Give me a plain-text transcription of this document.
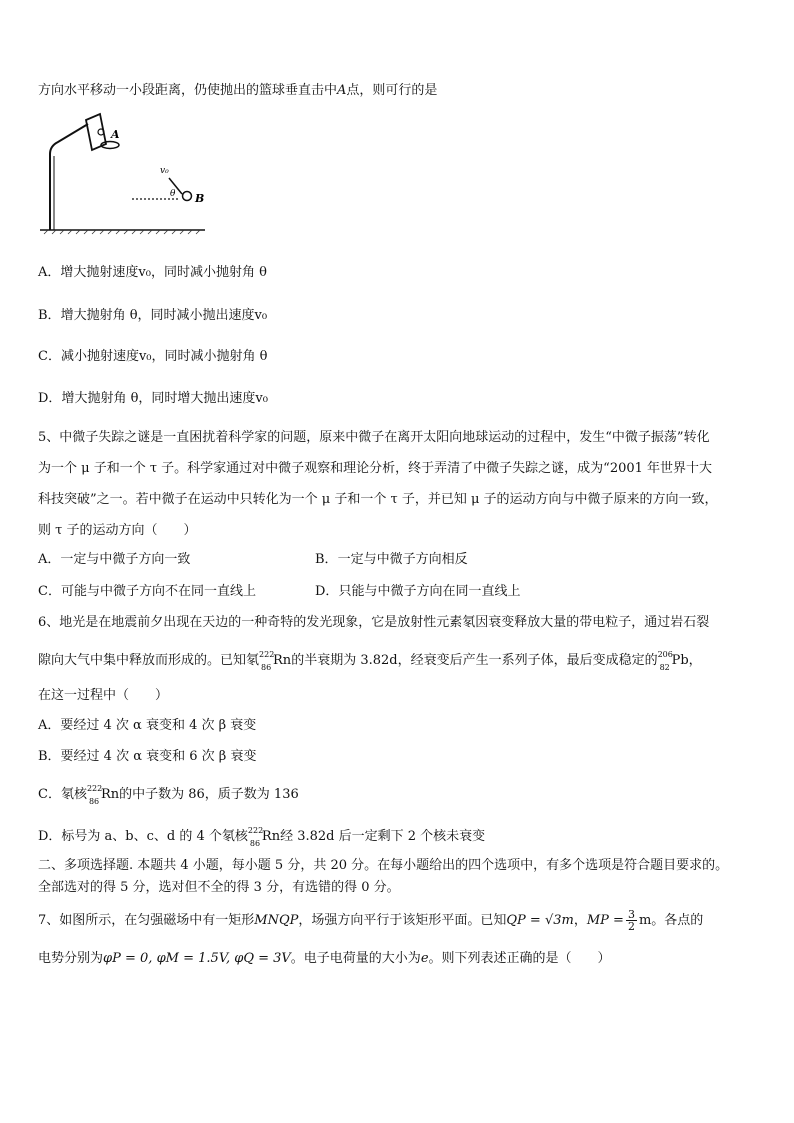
方向水平移动一小段距离，仍使抛出的篮球垂直击中A点，则可行的是
A
v₀
θ B
A．增大抛射速度v₀，同时减小抛射角 θ
B．增大抛射角 θ，同时减小抛出速度v₀
C．减小抛射速度v₀，同时减小抛射角 θ
D．增大抛射角 θ，同时增大抛出速度v₀
5、中微子失踪之谜是一直困扰着科学家的问题，原来中微子在离开太阳向地球运动的过程中，发生“中微子振荡”转化
为一个 μ 子和一个 τ 子。科学家通过对中微子观察和理论分析，终于弄清了中微子失踪之谜，成为“2001 年世界十大
科技突破”之一。若中微子在运动中只转化为一个 μ 子和一个 τ 子，并已知 μ 子的运动方向与中微子原来的方向一致，
则 τ 子的运动方向（　　）
A．一定与中微子方向一致	B．一定与中微子方向相反
C．可能与中微子方向不在同一直线上	D．只能与中微子方向在同一直线上
6、地光是在地震前夕出现在天边的一种奇特的发光现象，它是放射性元素氡因衰变释放大量的带电粒子，通过岩石裂
隙向大气中集中释放而形成的。已知氡 222
86 Rn的半衰期为 3.82d，经衰变后产生一系列子体，最后变成稳定的 206
82 Pb，
在这一过程中（　　）
A．要经过 4 次 α 衰变和 4 次 β 衰变
B．要经过 4 次 α 衰变和 6 次 β 衰变
C．氡核 222
86 Rn的中子数为 86，质子数为 136
D．标号为 a、b、c、d 的 4 个氡核 222
86 Rn经 3.82d 后一定剩下 2 个核未衰变
二、多项选择题. 本题共 4 小题，每小题 5 分，共 20 分。在每小题给出的四个选项中，有多个选项是符合题目要求的。
全部选对的得 5 分，选对但不全的得 3 分，有选错的得 0 分。
7、如图所示，在匀强磁场中有一矩形MNQP，场强方向平行于该矩形平面。已知QP = √3m，MP = $\frac{3}{2}$ m。各点的
电势分别为φP = 0, φM = 1.5V, φQ = 3V。电子电荷量的大小为e。则下列表述正确的是（　　）
